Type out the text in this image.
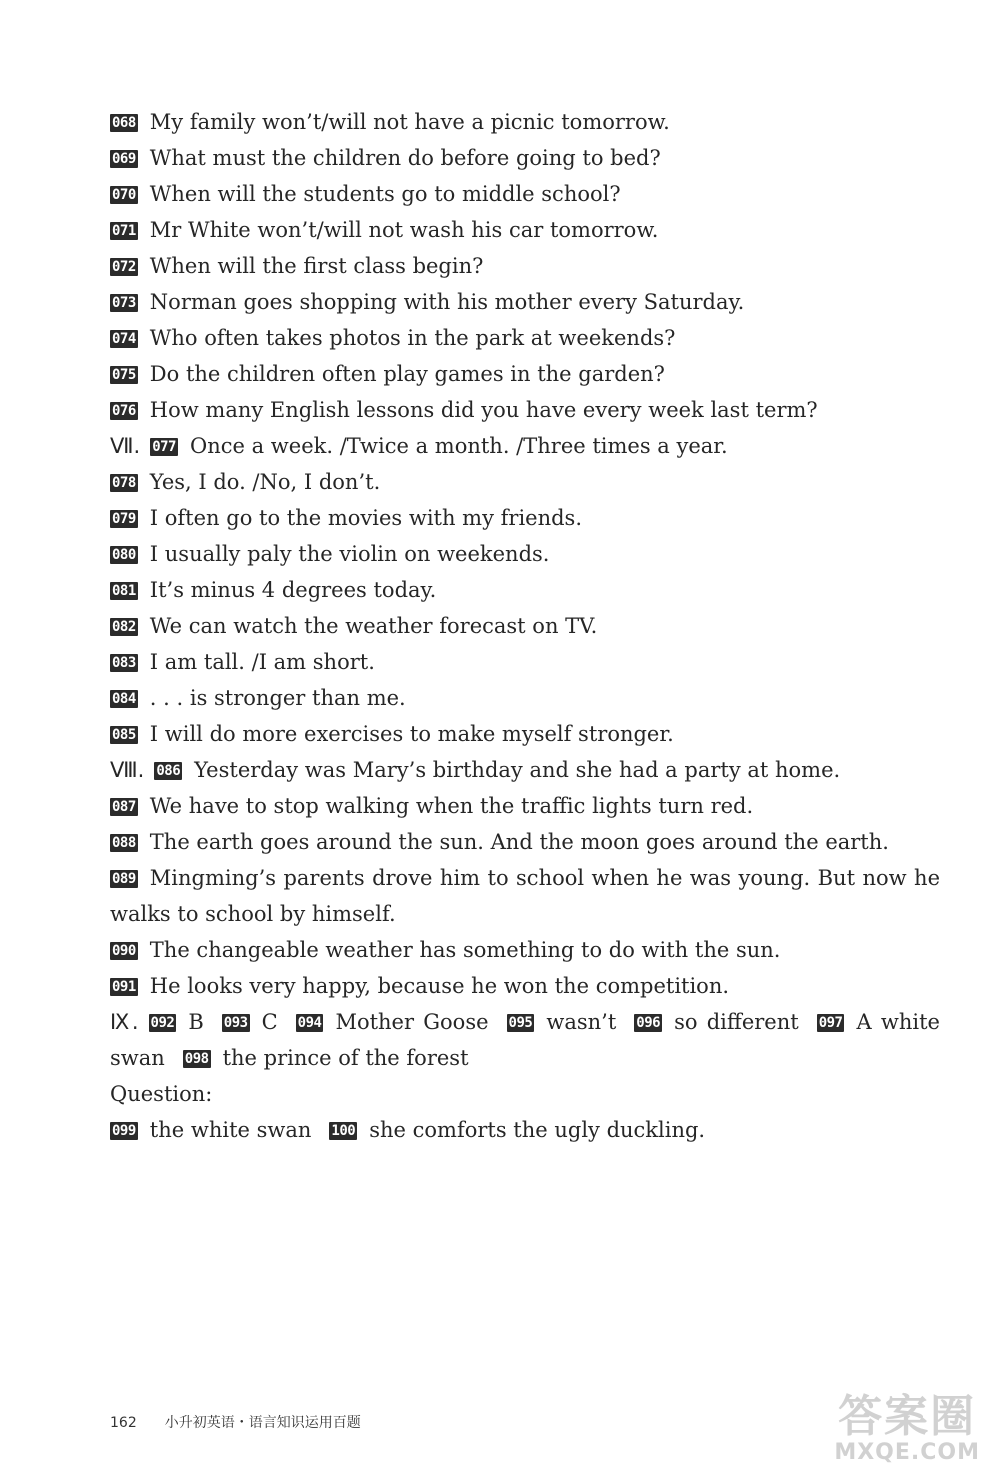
068 My family won’t/will not have a picnic tomorrow.
069 What must the children do before going to bed?
070 When will the students go to middle school?
071 Mr White won’t/will not wash his car tomorrow.
072 When will the first class begin?
073 Norman goes shopping with his mother every Saturday.
074 Who often takes photos in the park at weekends?
075 Do the children often play games in the garden?
076 How many English lessons did you have every week last term?
Ⅶ. 077 Once a week. /Twice a month. /Three times a year.
078 Yes, I do. /No, I don’t.
079 I often go to the movies with my friends.
080 I usually paly the violin on weekends.
081 It’s minus 4 degrees today.
082 We can watch the weather forecast on TV.
083 I am tall. /I am short.
084 . . . is stronger than me.
085 I will do more exercises to make myself stronger.
Ⅷ. 086 Yesterday was Mary’s birthday and she had a party at home.
087 We have to stop walking when the traffic lights turn red.
088 The earth goes around the sun. And the moon goes around the earth.
089 Mingming’s parents drove him to school when he was young. But now he walks to school by himself.
090 The changeable weather has something to do with the sun.
091 He looks very happy, because he won the competition.
Ⅸ. 092 B 093 C 094 Mother Goose 095 wasn’t 096 so different 097 A white swan 098 the prince of the forest
Question:
099 the white swan 100 she comforts the ugly duckling.
162 小升初英语・语言知识运用百题	答案圈
MXQE.COM
